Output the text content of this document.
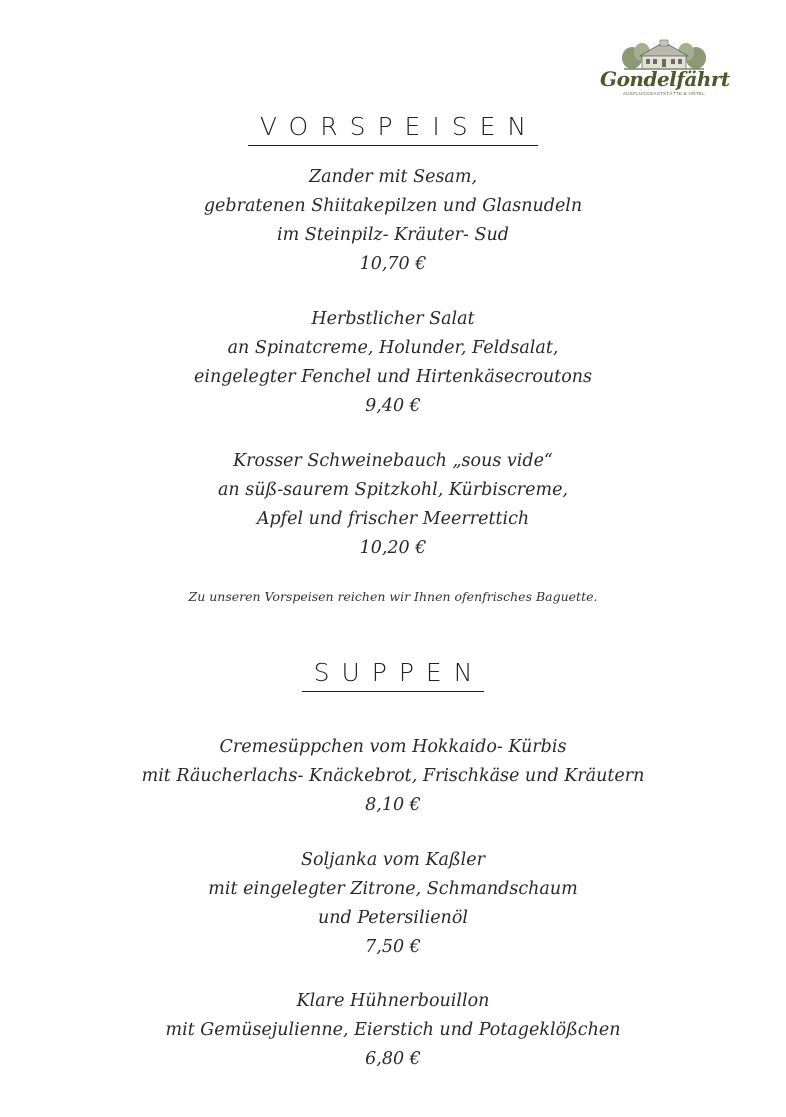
Gondelfährt
AUSFLUGSGASTSTÄTTE & HOTEL
VORSPEISEN
Zander mit Sesam,
gebratenen Shiitakepilzen und Glasnudeln
im Steinpilz- Kräuter- Sud
10,70 €
Herbstlicher Salat
an Spinatcreme, Holunder, Feldsalat,
eingelegter Fenchel und Hirtenkäsecroutons
9,40 €
Krosser Schweinebauch „sous vide“
an süß-saurem Spitzkohl, Kürbiscreme,
Apfel und frischer Meerrettich
10,20 €
Zu unseren Vorspeisen reichen wir Ihnen ofenfrisches Baguette.
SUPPEN
Cremesüppchen vom Hokkaido- Kürbis
mit Räucherlachs- Knäckebrot, Frischkäse und Kräutern
8,10 €
Soljanka vom Kaßler
mit eingelegter Zitrone, Schmandschaum
und Petersilienöl
7,50 €
Klare Hühnerbouillon
mit Gemüsejulienne, Eierstich und Potageklößchen
6,80 €
